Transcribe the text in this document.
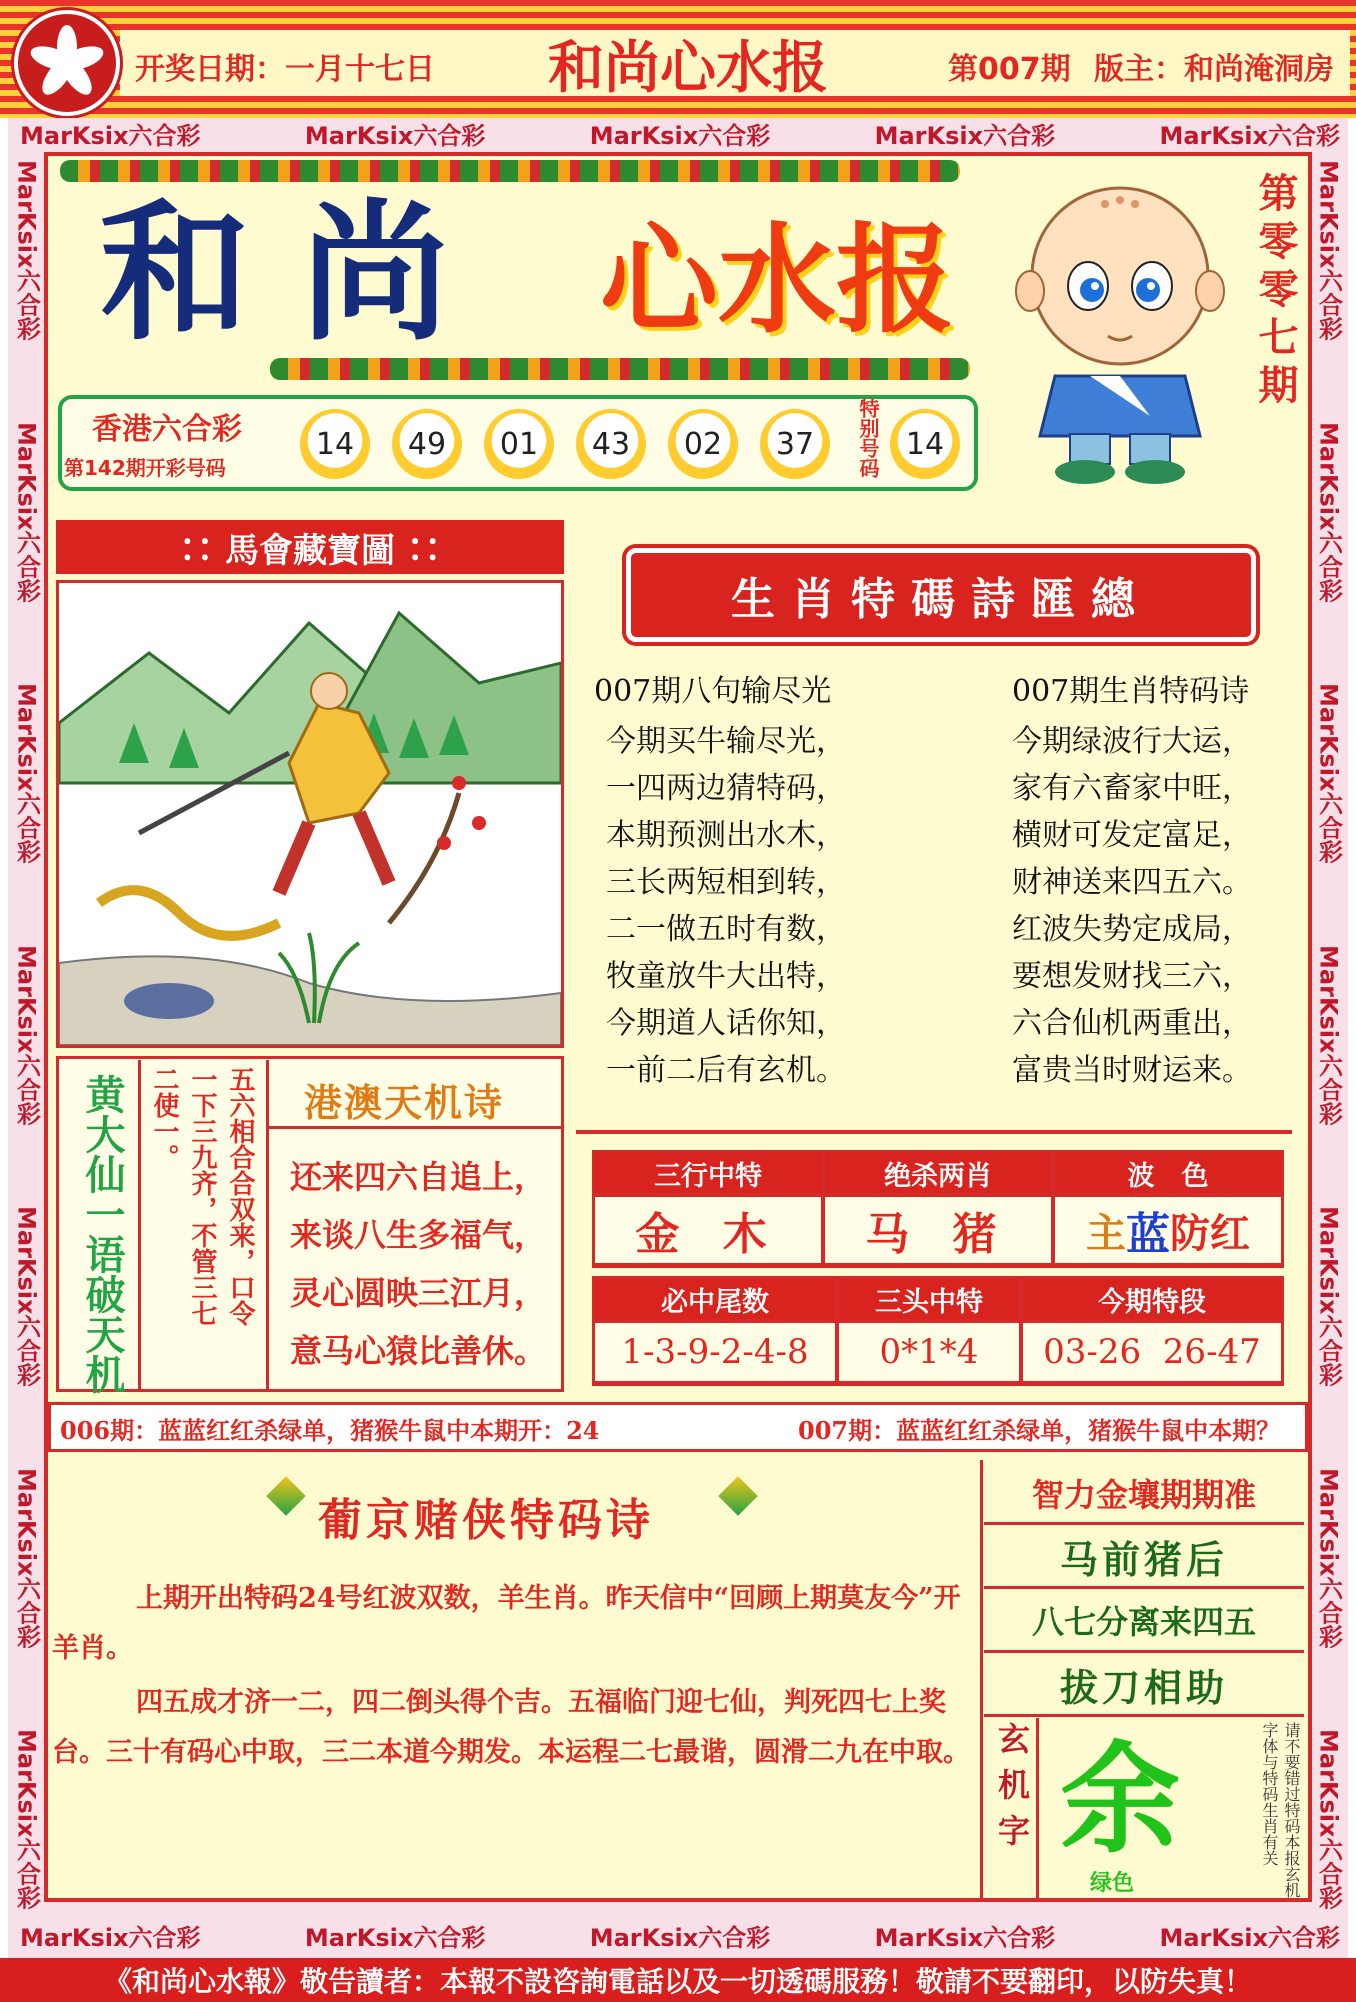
开奖日期：一月十七日 和尚心水报	第007期 版主：和尚淹洞房
MarKsix六合彩	MarKsix六合彩	MarKsix六合彩	MarKsix六合彩	MarKsix六合彩
MarKsix六合彩	MarKsix六合彩	MarKsix六合彩	MarKsix六合彩	MarKsix六合彩
MarKsix六合彩
MarKsix六合彩
MarKsix六合彩
MarKsix六合彩
MarKsix六合彩
MarKsix六合彩
MarKsix六合彩
MarKsix六合彩
MarKsix六合彩
MarKsix六合彩
MarKsix六合彩
MarKsix六合彩
MarKsix六合彩
MarKsix六合彩
和尚 心水报	第零零七期
香港六合彩
第142期开彩号码
14	49	01	43	02	37	特别号码 14
∷ 馬會藏寶圖 ∷
生肖特碼詩匯總
007期八句输尽光
今期买牛输尽光，
一四两边猜特码，
本期预测出水木，
三长两短相到转，
二一做五时有数，
牧童放牛大出特，
今期道人话你知，
一前二后有玄机。
007期生肖特码诗
今期绿波行大运，
家有六畜家中旺，
横财可发定富足，
财神送来四五六。
红波失势定成局，
要想发财找三六，
六合仙机两重出，
富贵当时财运来。
黄大仙一语破天机	五六相合合双来，口令
一下三九齐，不管三七
二使一。	港澳天机诗
还来四六自追上，
来谈八生多福气，
灵心圆映三江月，
意马心猿比善休。
三行中特	绝杀两肖	波　色
金 木	马 猪	主 蓝 防红
必中尾数	三头中特	今期特段
1-3-9-2-4-8	0*1*4	03-26  26-47
006期：蓝蓝红红杀绿单，猪猴牛鼠中本期开：24	007期：蓝蓝红红杀绿单，猪猴牛鼠中本期？
葡京赌侠特码诗
上期开出特码24号红波双数，羊生肖。昨天信中“回顾上期莫友今”开羊肖。
四五成才济一二，四二倒头得个吉。五福临门迎七仙，判死四七上奖台。三十有码心中取，三二本道今期发。本运程二七最谐，圆滑二九在中取。
智力金壤期期准
马前猪后
八七分离来四五
拔刀相助
玄机字 余
绿色	请不要错过特码本报玄机字体与特码生肖有关
《和尚心水報》敬告讀者：本報不設咨詢電話以及一切透碼服務！敬請不要翻印，以防失真！
